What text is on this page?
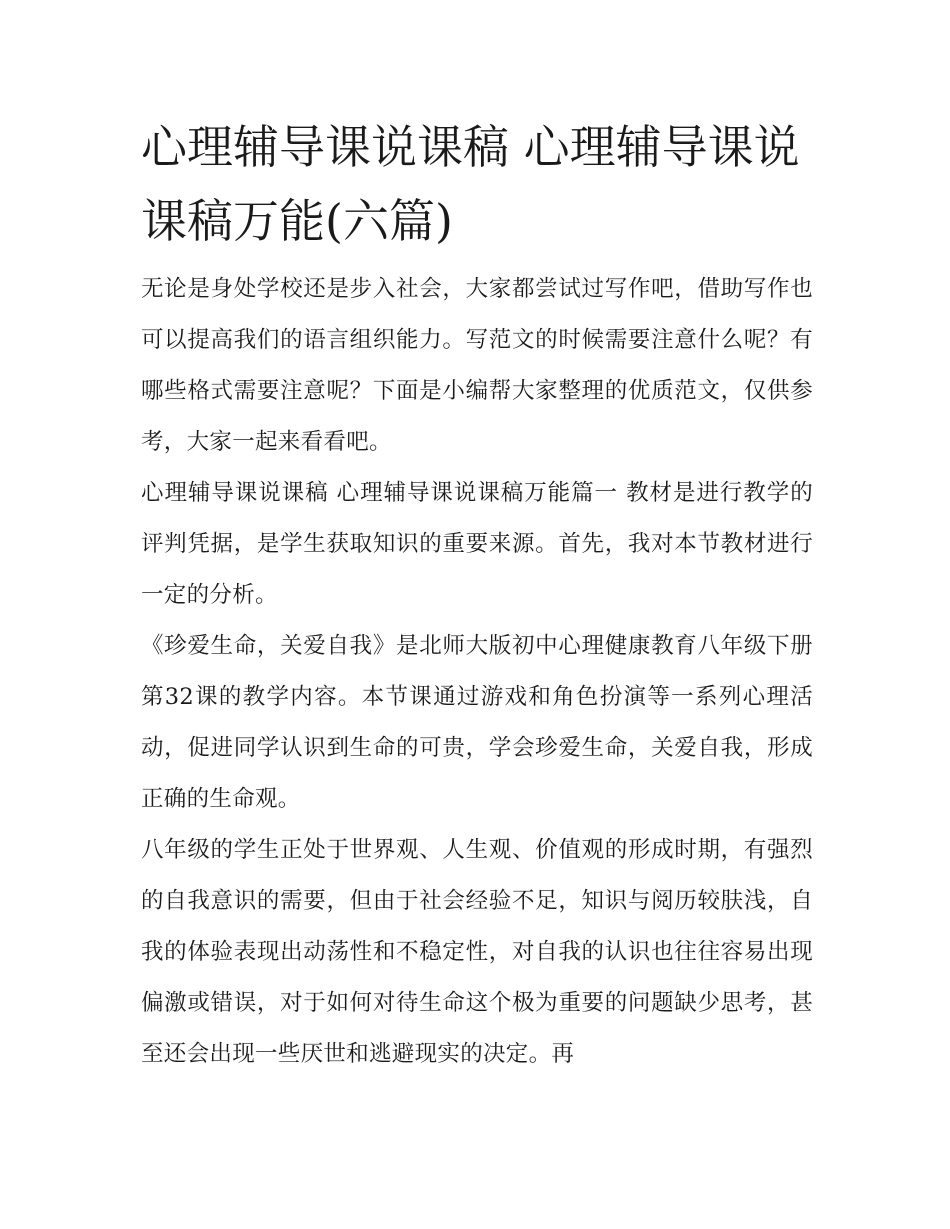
心理辅导课说课稿 心理辅导课说课稿万能(六篇)

无论是身处学校还是步入社会，大家都尝试过写作吧，借助写作也可以提高我们的语言组织能力。写范文的时候需要注意什么呢？有哪些格式需要注意呢？下面是小编帮大家整理的优质范文，仅供参考，大家一起来看看吧。

心理辅导课说课稿 心理辅导课说课稿万能篇一 教材是进行教学的评判凭据，是学生获取知识的重要来源。首先，我对本节教材进行一定的分析。

《珍爱生命，关爱自我》是北师大版初中心理健康教育八年级下册第32课的教学内容。本节课通过游戏和角色扮演等一系列心理活动，促进同学认识到生命的可贵，学会珍爱生命，关爱自我，形成正确的生命观。

八年级的学生正处于世界观、人生观、价值观的形成时期，有强烈的自我意识的需要，但由于社会经验不足，知识与阅历较肤浅，自我的体验表现出动荡性和不稳定性，对自我的认识也往往容易出现偏激或错误，对于如何对待生命这个极为重要的问题缺少思考，甚至还会出现一些厌世和逃避现实的决定。再
